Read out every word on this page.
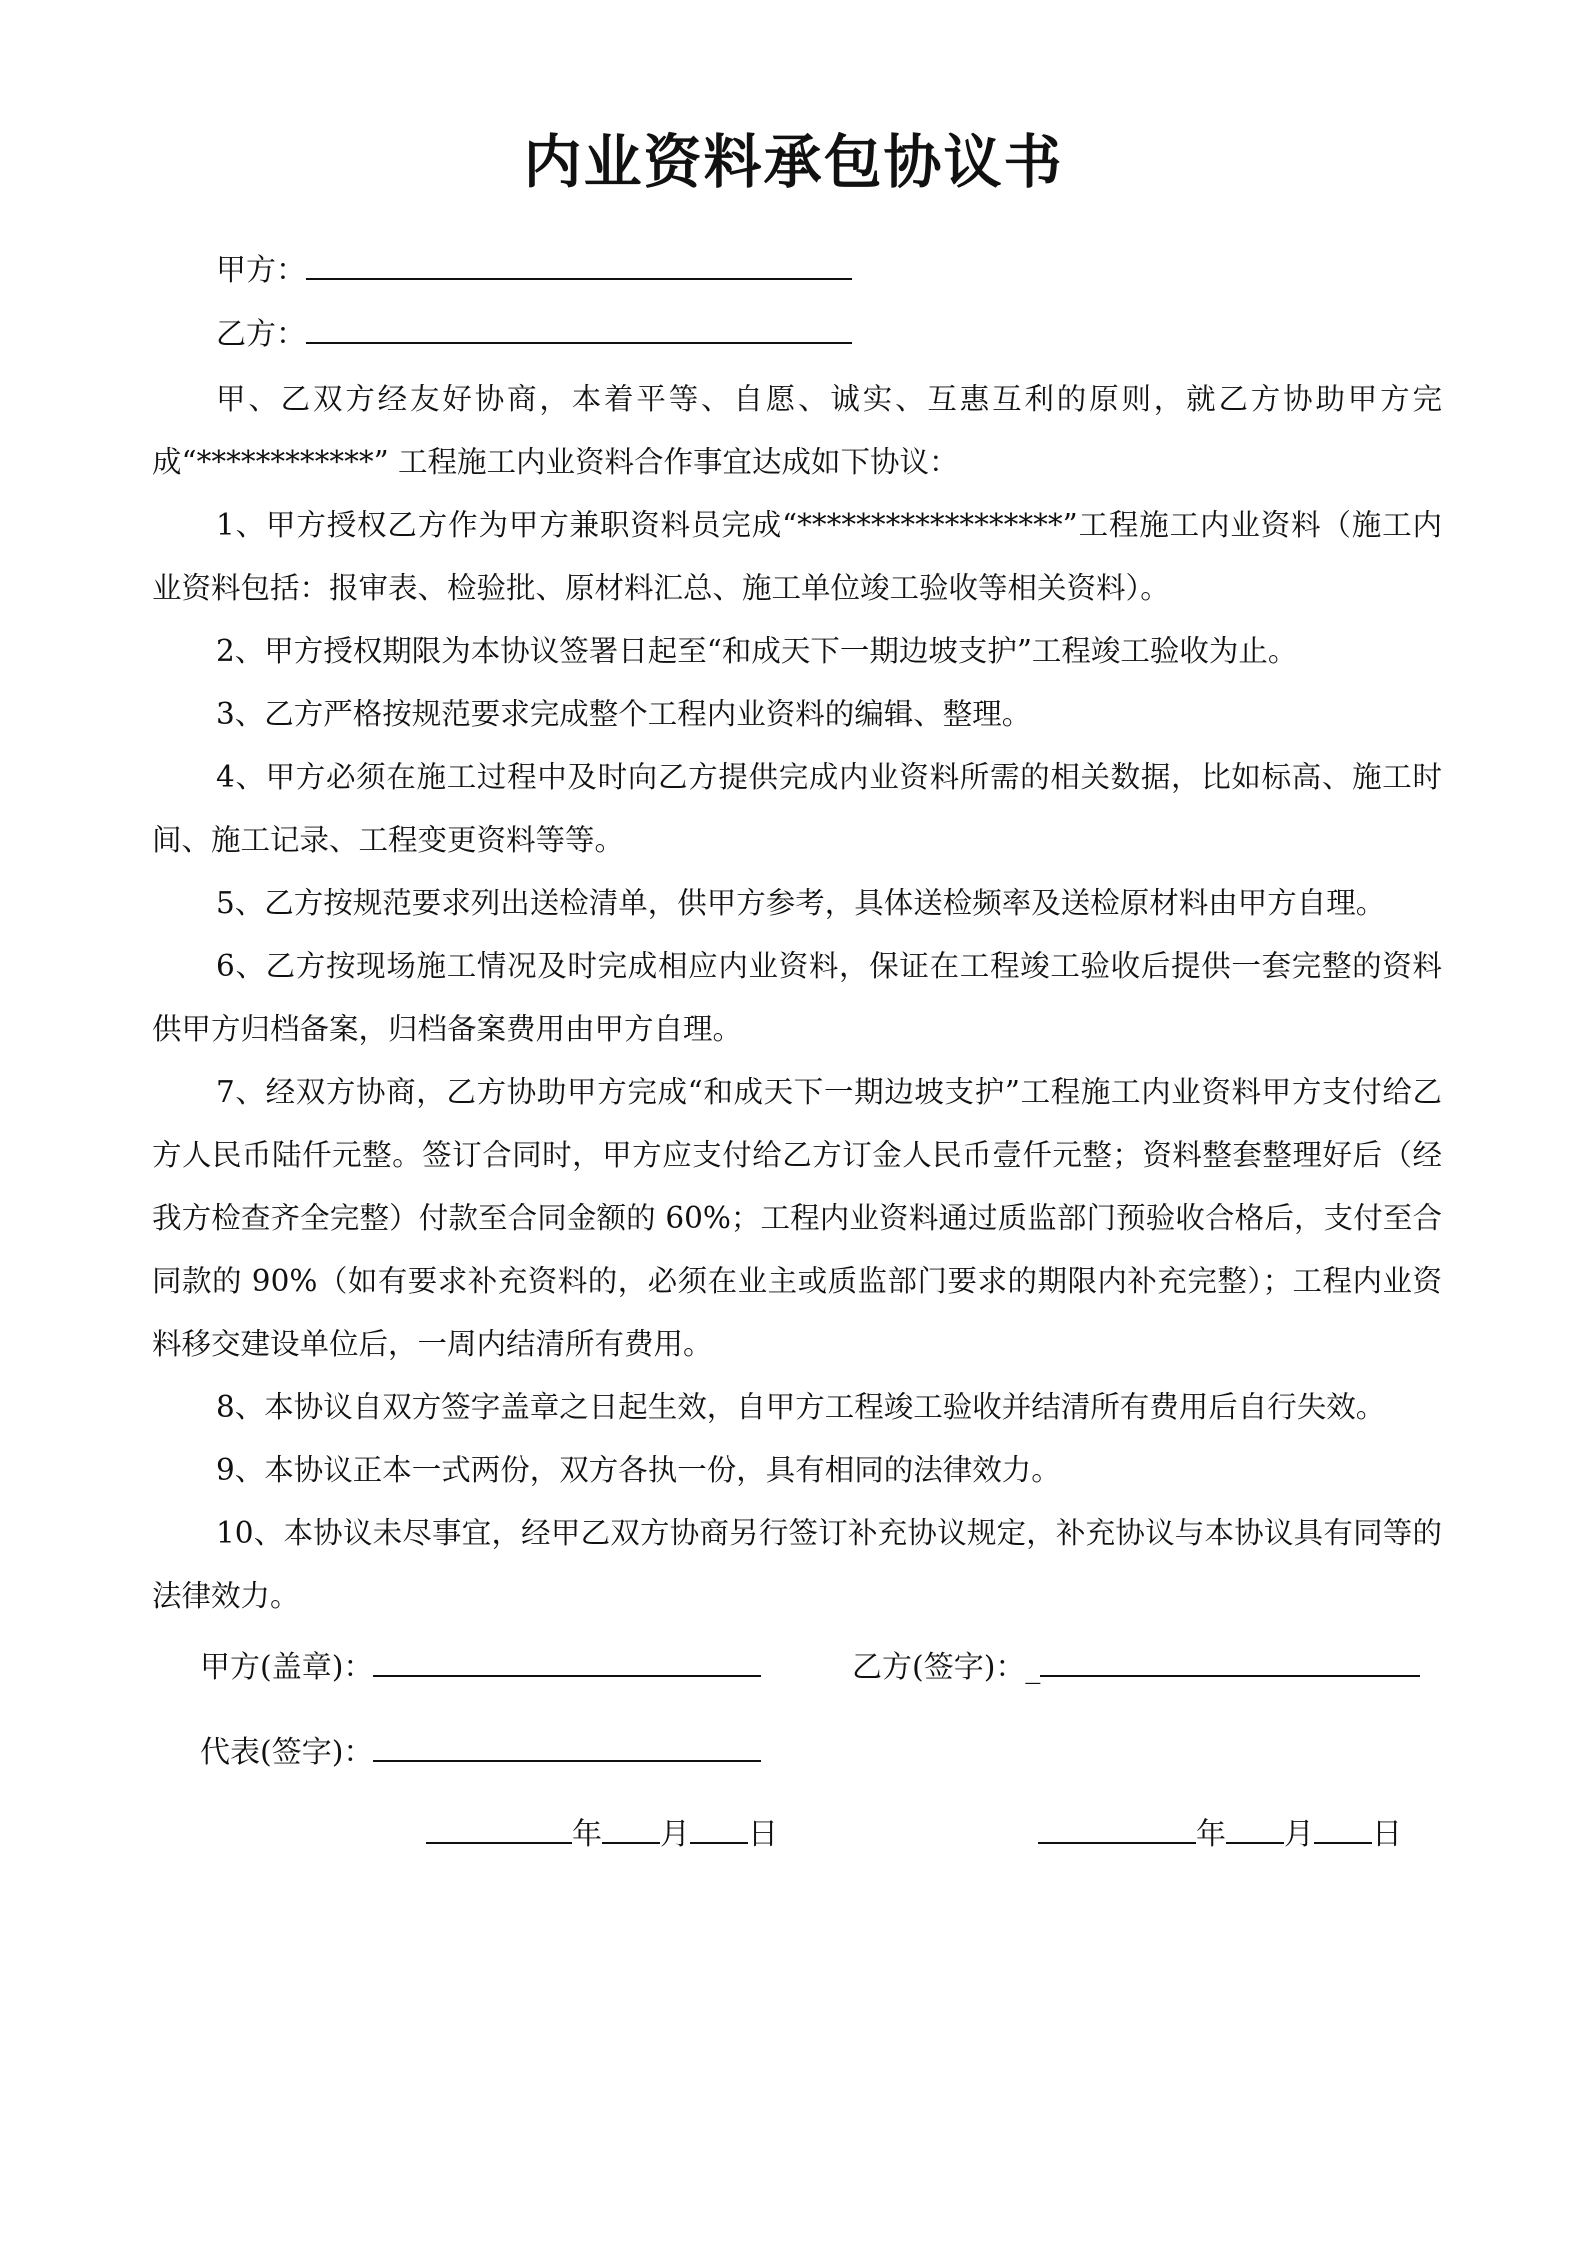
内业资料承包协议书
甲方：
乙方：

甲、乙双方经友好协商，本着平等、自愿、诚实、互惠互利的原则，就乙方协助甲方完成“************” 工程施工内业资料合作事宜达成如下协议：

1、甲方授权乙方作为甲方兼职资料员完成“******************”工程施工内业资料（施工内业资料包括：报审表、检验批、原材料汇总、施工单位竣工验收等相关资料）。

2、甲方授权期限为本协议签署日起至“和成天下一期边坡支护”工程竣工验收为止。

3、乙方严格按规范要求完成整个工程内业资料的编辑、整理。

4、甲方必须在施工过程中及时向乙方提供完成内业资料所需的相关数据，比如标高、施工时间、施工记录、工程变更资料等等。

5、乙方按规范要求列出送检清单，供甲方参考，具体送检频率及送检原材料由甲方自理。

6、乙方按现场施工情况及时完成相应内业资料，保证在工程竣工验收后提供一套完整的资料供甲方归档备案，归档备案费用由甲方自理。

7、经双方协商，乙方协助甲方完成“和成天下一期边坡支护”工程施工内业资料甲方支付给乙方人民币陆仟元整。签订合同时，甲方应支付给乙方订金人民币壹仟元整；资料整套整理好后（经我方检查齐全完整）付款至合同金额的 60%；工程内业资料通过质监部门预验收合格后，支付至合同款的 90%（如有要求补充资料的，必须在业主或质监部门要求的期限内补充完整）；工程内业资料移交建设单位后，一周内结清所有费用。

8、本协议自双方签字盖章之日起生效，自甲方工程竣工验收并结清所有费用后自行失效。

9、本协议正本一式两份，双方各执一份，具有相同的法律效力。

10、本协议未尽事宜，经甲乙双方协商另行签订补充协议规定，补充协议与本协议具有同等的法律效力。

甲方(盖章)：	乙方(签字)：_
代表(签字)：
年 月 日	年 月 日
